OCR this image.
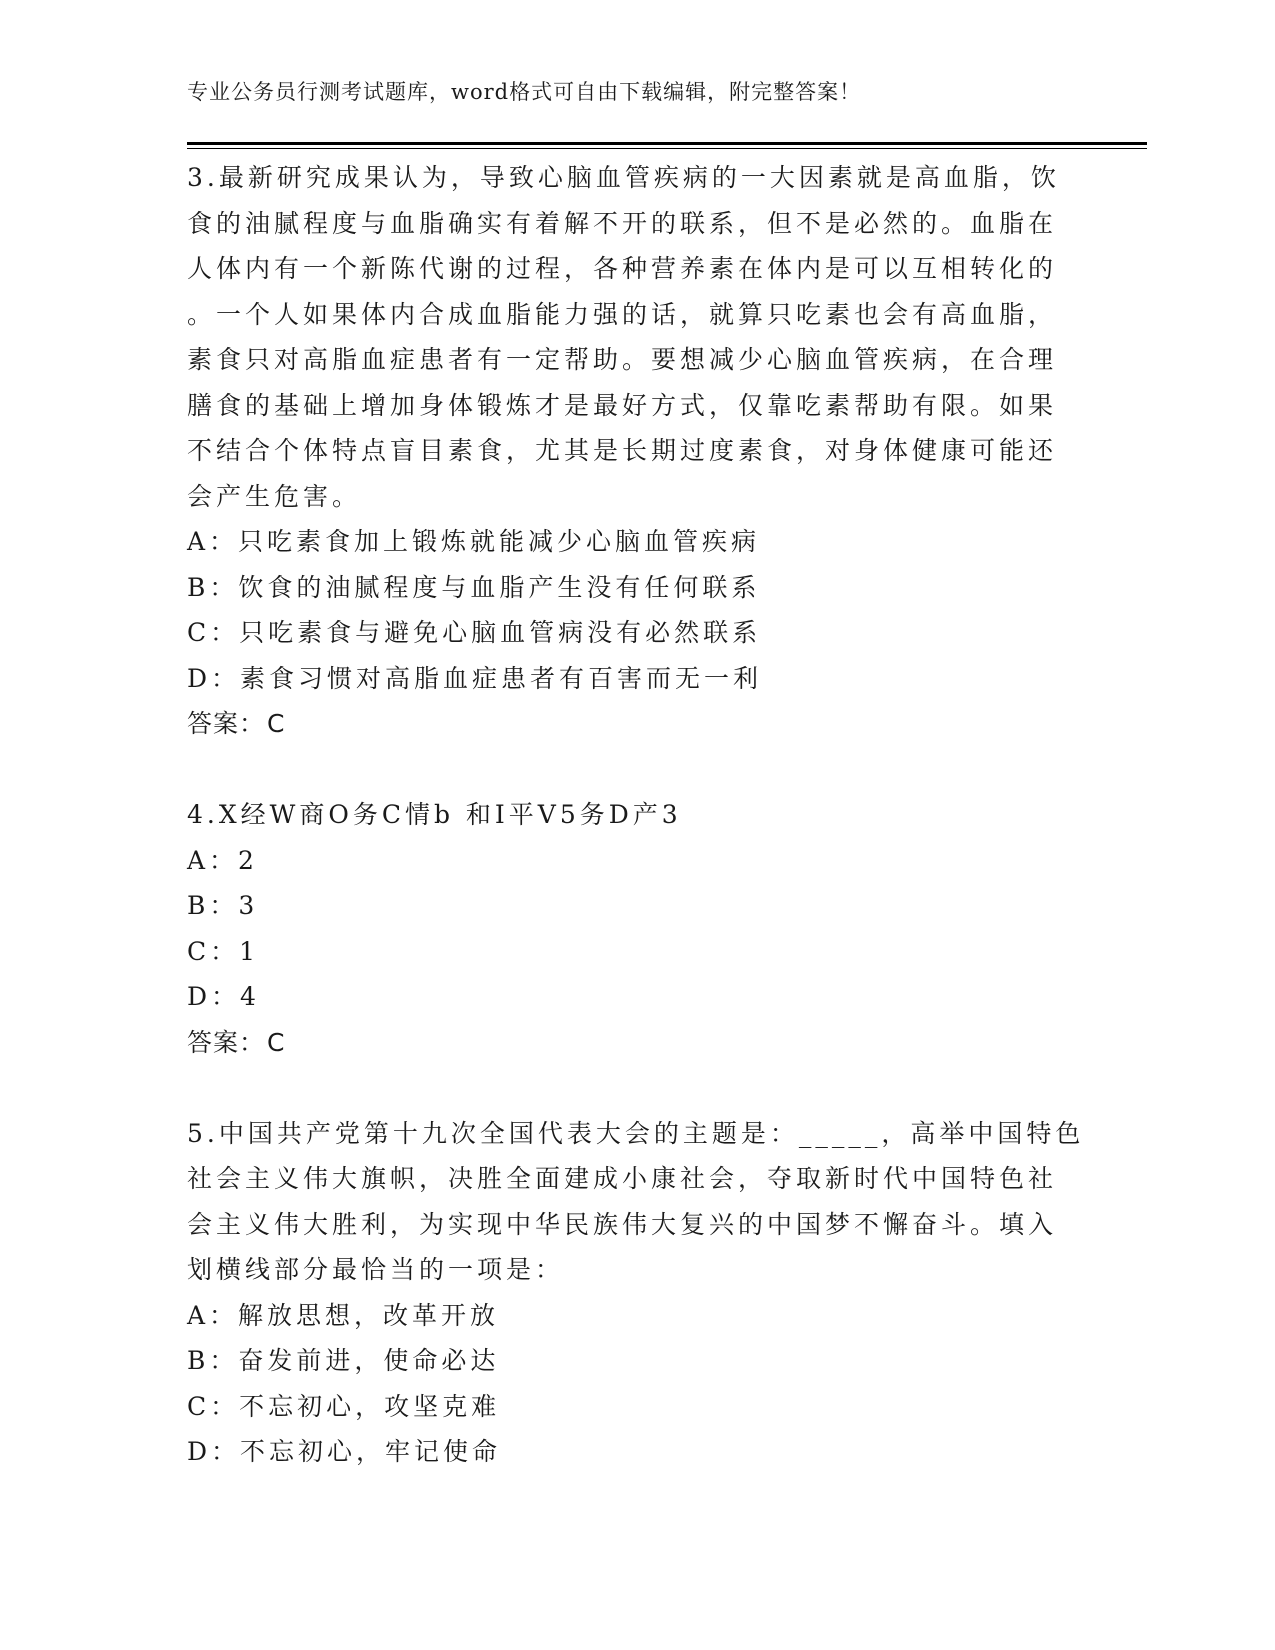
专业公务员行测考试题库，word格式可自由下载编辑，附完整答案！
3.最新研究成果认为，导致心脑血管疾病的一大因素就是高血脂，饮
食的油腻程度与血脂确实有着解不开的联系，但不是必然的。血脂在
人体内有一个新陈代谢的过程，各种营养素在体内是可以互相转化的
。一个人如果体内合成血脂能力强的话，就算只吃素也会有高血脂，
素食只对高脂血症患者有一定帮助。要想减少心脑血管疾病，在合理
膳食的基础上增加身体锻炼才是最好方式，仅靠吃素帮助有限。如果
不结合个体特点盲目素食，尤其是长期过度素食，对身体健康可能还
会产生危害。
A：只吃素食加上锻炼就能减少心脑血管疾病
B：饮食的油腻程度与血脂产生没有任何联系
C：只吃素食与避免心脑血管病没有必然联系
D：素食习惯对高脂血症患者有百害而无一利
答案：C
4.X经W商O务C情b 和I平V5务D产3
A：2
B：3
C：1
D：4
答案：C
5.中国共产党第十九次全国代表大会的主题是：_____，高举中国特色
社会主义伟大旗帜，决胜全面建成小康社会，夺取新时代中国特色社
会主义伟大胜利，为实现中华民族伟大复兴的中国梦不懈奋斗。填入
划横线部分最恰当的一项是：
A：解放思想，改革开放
B：奋发前进，使命必达
C：不忘初心，攻坚克难
D：不忘初心，牢记使命
